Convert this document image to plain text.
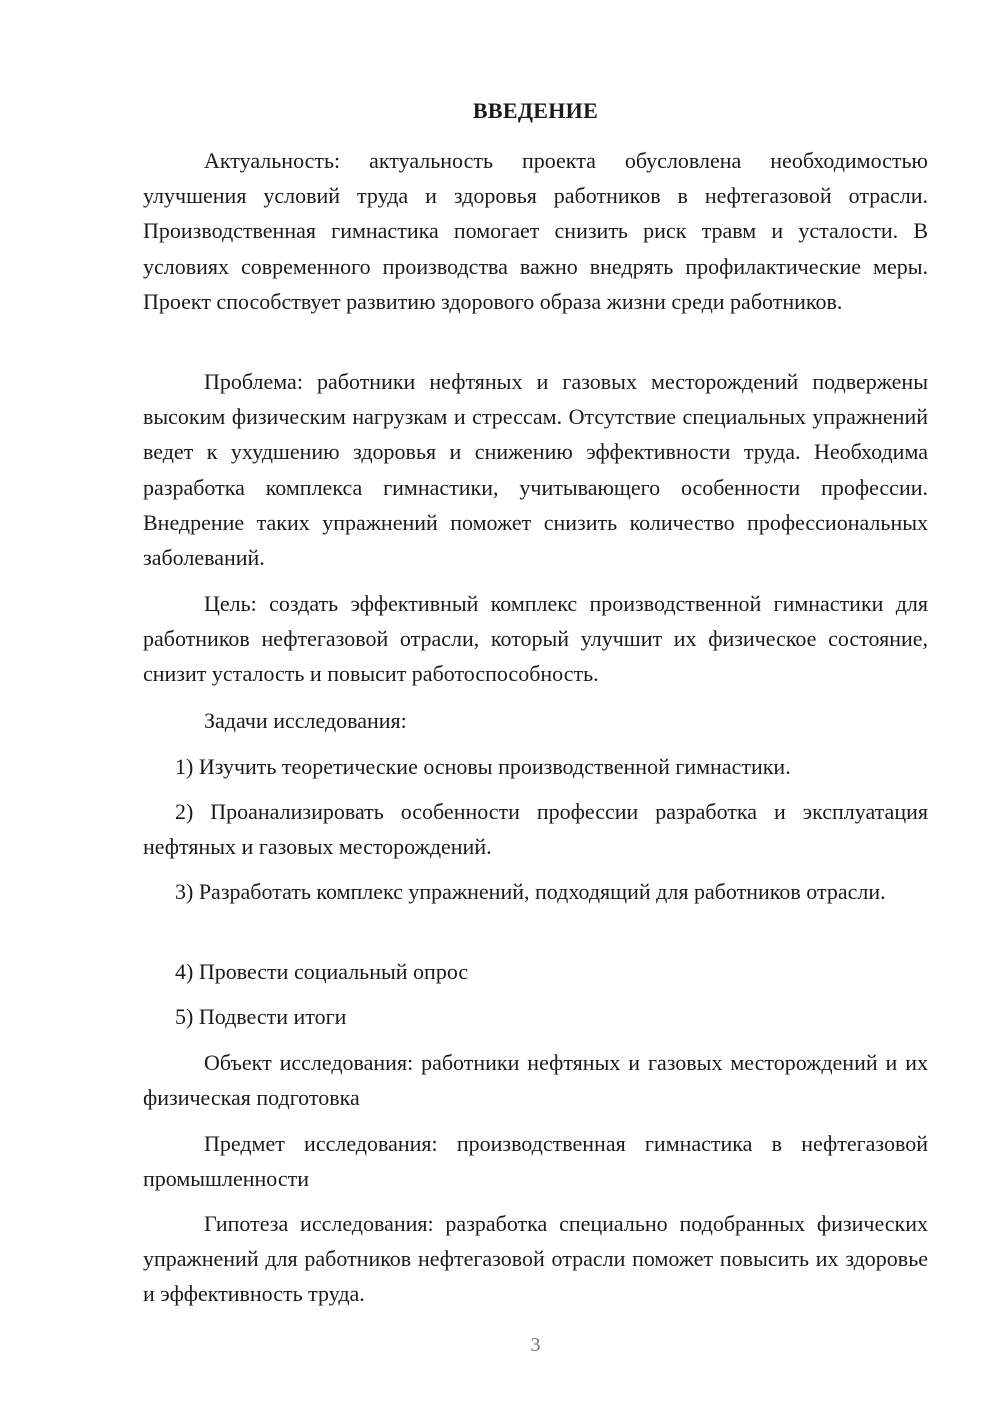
ВВЕДЕНИЕ

Актуальность: актуальность проекта обусловлена необходимостью улучшения условий труда и здоровья работников в нефтегазовой отрасли. Производственная гимнастика помогает снизить риск травм и усталости. В условиях современного производства важно внедрять профилактические меры. Проект способствует развитию здорового образа жизни среди работников.

Проблема: работники нефтяных и газовых месторождений подвержены высоким физическим нагрузкам и стрессам. Отсутствие специальных упражнений ведет к ухудшению здоровья и снижению эффективности труда. Необходима разработка комплекса гимнастики, учитывающего особенности профессии. Внедрение таких упражнений поможет снизить количество профессиональных заболеваний.

Цель: создать эффективный комплекс производственной гимнастики для работников нефтегазовой отрасли, который улучшит их физическое состояние, снизит усталость и повысит работоспособность.

Задачи исследования:

1) Изучить теоретические основы производственной гимнастики.

2) Проанализировать особенности профессии разработка и эксплуатация нефтяных и газовых месторождений.

3) Разработать комплекс упражнений, подходящий для работников отрасли.

4) Провести социальный опрос

5) Подвести итоги

Объект исследования: работники нефтяных и газовых месторождений и их физическая подготовка

Предмет исследования: производственная гимнастика в нефтегазовой промышленности

Гипотеза исследования: разработка специально подобранных физических упражнений для работников нефтегазовой отрасли поможет повысить их здоровье и эффективность труда.

3
